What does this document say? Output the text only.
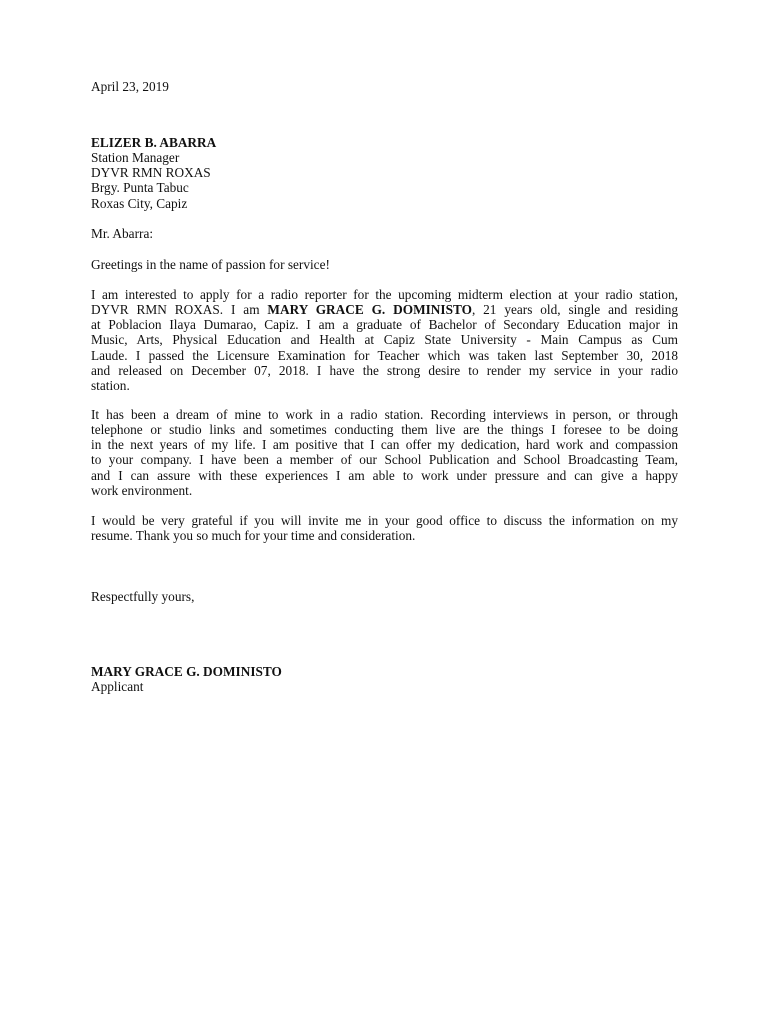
April 23, 2019
ELIZER B. ABARRA
Station Manager
DYVR RMN ROXAS
Brgy. Punta Tabuc
Roxas City, Capiz
Mr. Abarra:
Greetings in the name of passion for service!
I am interested to apply for a radio reporter for the upcoming midterm election at your radio station,
DYVR RMN ROXAS. I am MARY GRACE G. DOMINISTO, 21 years old, single and residing
at Poblacion Ilaya Dumarao, Capiz. I am a graduate of Bachelor of Secondary Education major in
Music, Arts, Physical Education and Health at Capiz State University - Main Campus as Cum
Laude. I passed the Licensure Examination for Teacher which was taken last September 30, 2018
and released on December 07, 2018. I have the strong desire to render my service in your radio
station.
It has been a dream of mine to work in a radio station. Recording interviews in person, or through
telephone or studio links and sometimes conducting them live are the things I foresee to be doing
in the next years of my life. I am positive that I can offer my dedication, hard work and compassion
to your company. I have been a member of our School Publication and School Broadcasting Team,
and I can assure with these experiences I am able to work under pressure and can give a happy
work environment.
I would be very grateful if you will invite me in your good office to discuss the information on my
resume. Thank you so much for your time and consideration.
Respectfully yours,
MARY GRACE G. DOMINISTO
Applicant
